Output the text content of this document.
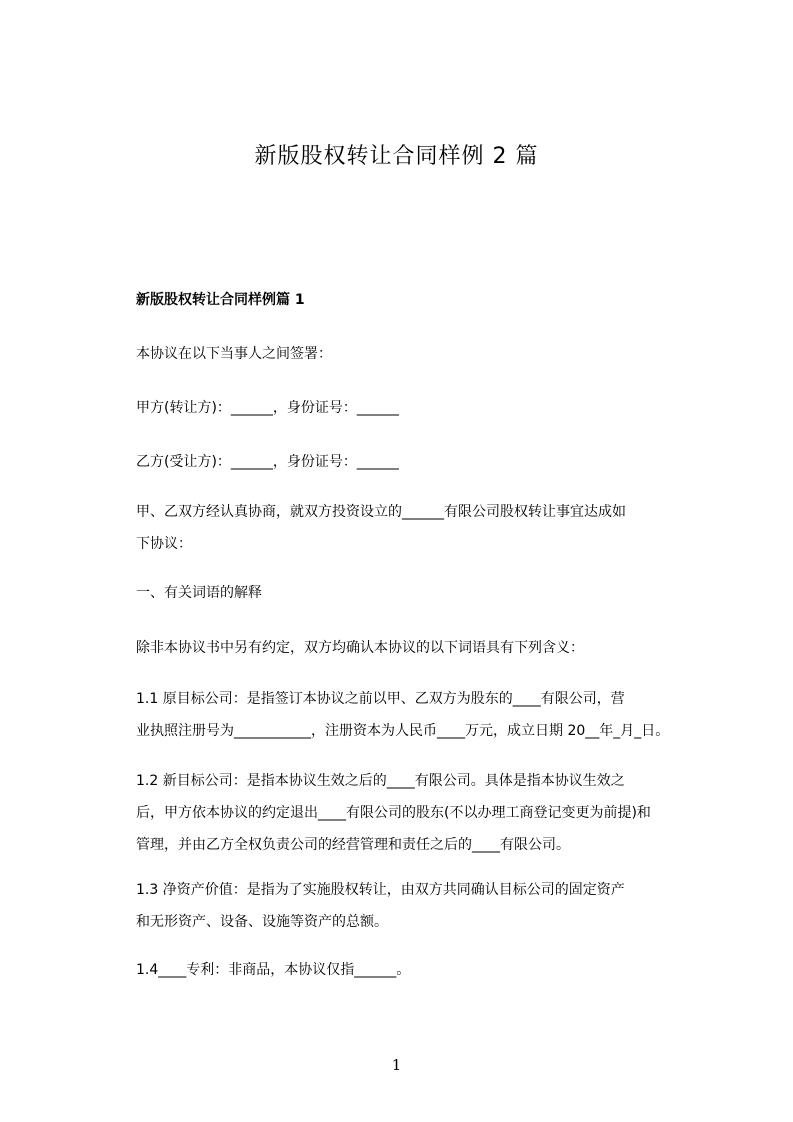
新版股权转让合同样例 2 篇
新版股权转让合同样例篇 1
本协议在以下当事人之间签署：
甲方(转让方)：______，身份证号：______
乙方(受让方)：______，身份证号：______
甲、乙双方经认真协商，就双方投资设立的______有限公司股权转让事宜达成如
下协议：
一、有关词语的解释
除非本协议书中另有约定，双方均确认本协议的以下词语具有下列含义：
1.1 原目标公司：是指签订本协议之前以甲、乙双方为股东的____有限公司，营
业执照注册号为___________，注册资本为人民币____万元，成立日期 20__年_月_日。
1.2 新目标公司：是指本协议生效之后的____有限公司。具体是指本协议生效之
后，甲方依本协议的约定退出____有限公司的股东(不以办理工商登记变更为前提)和
管理，并由乙方全权负责公司的经营管理和责任之后的____有限公司。
1.3 净资产价值：是指为了实施股权转让，由双方共同确认目标公司的固定资产
和无形资产、设备、设施等资产的总额。
1.4____专利：非商品，本协议仅指______。
1
